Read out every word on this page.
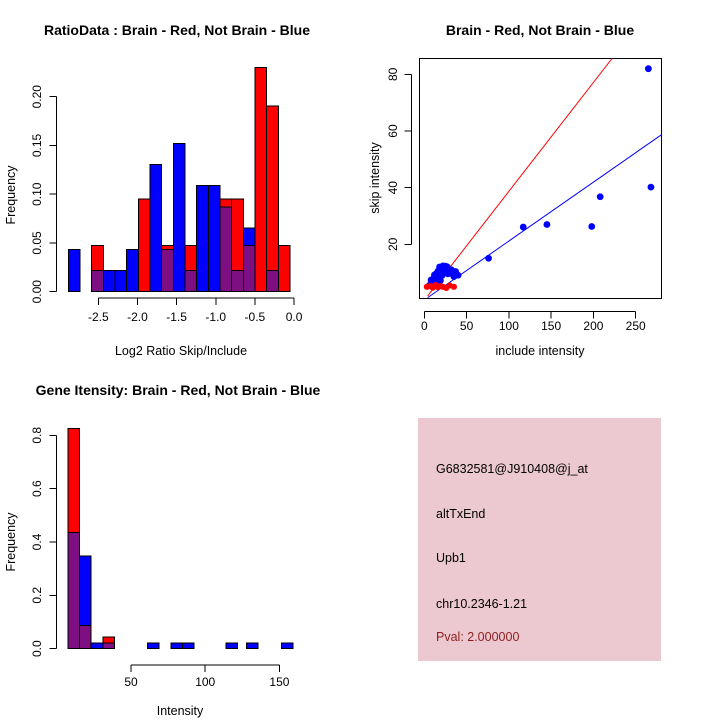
RatioData : Brain - Red, Not Brain - Blue
Frequency
Log2 Ratio Skip/Include
0.00
0.05
0.10
0.15
0.20
-2.5 -2.0 -1.5 -1.0 -0.5 0.0
Brain - Red, Not Brain - Blue
skip intensity
include intensity
20
40
60
80
0	50 100 150 200 250
Gene Itensity: Brain - Red, Not Brain - Blue
Frequency
Intensity
0.0
0.2
0.4
0.6
0.8
50	100	150
G6832581@J910408@j_at
altTxEnd
Upb1
chr10.2346-1.21
Pval: 2.000000
